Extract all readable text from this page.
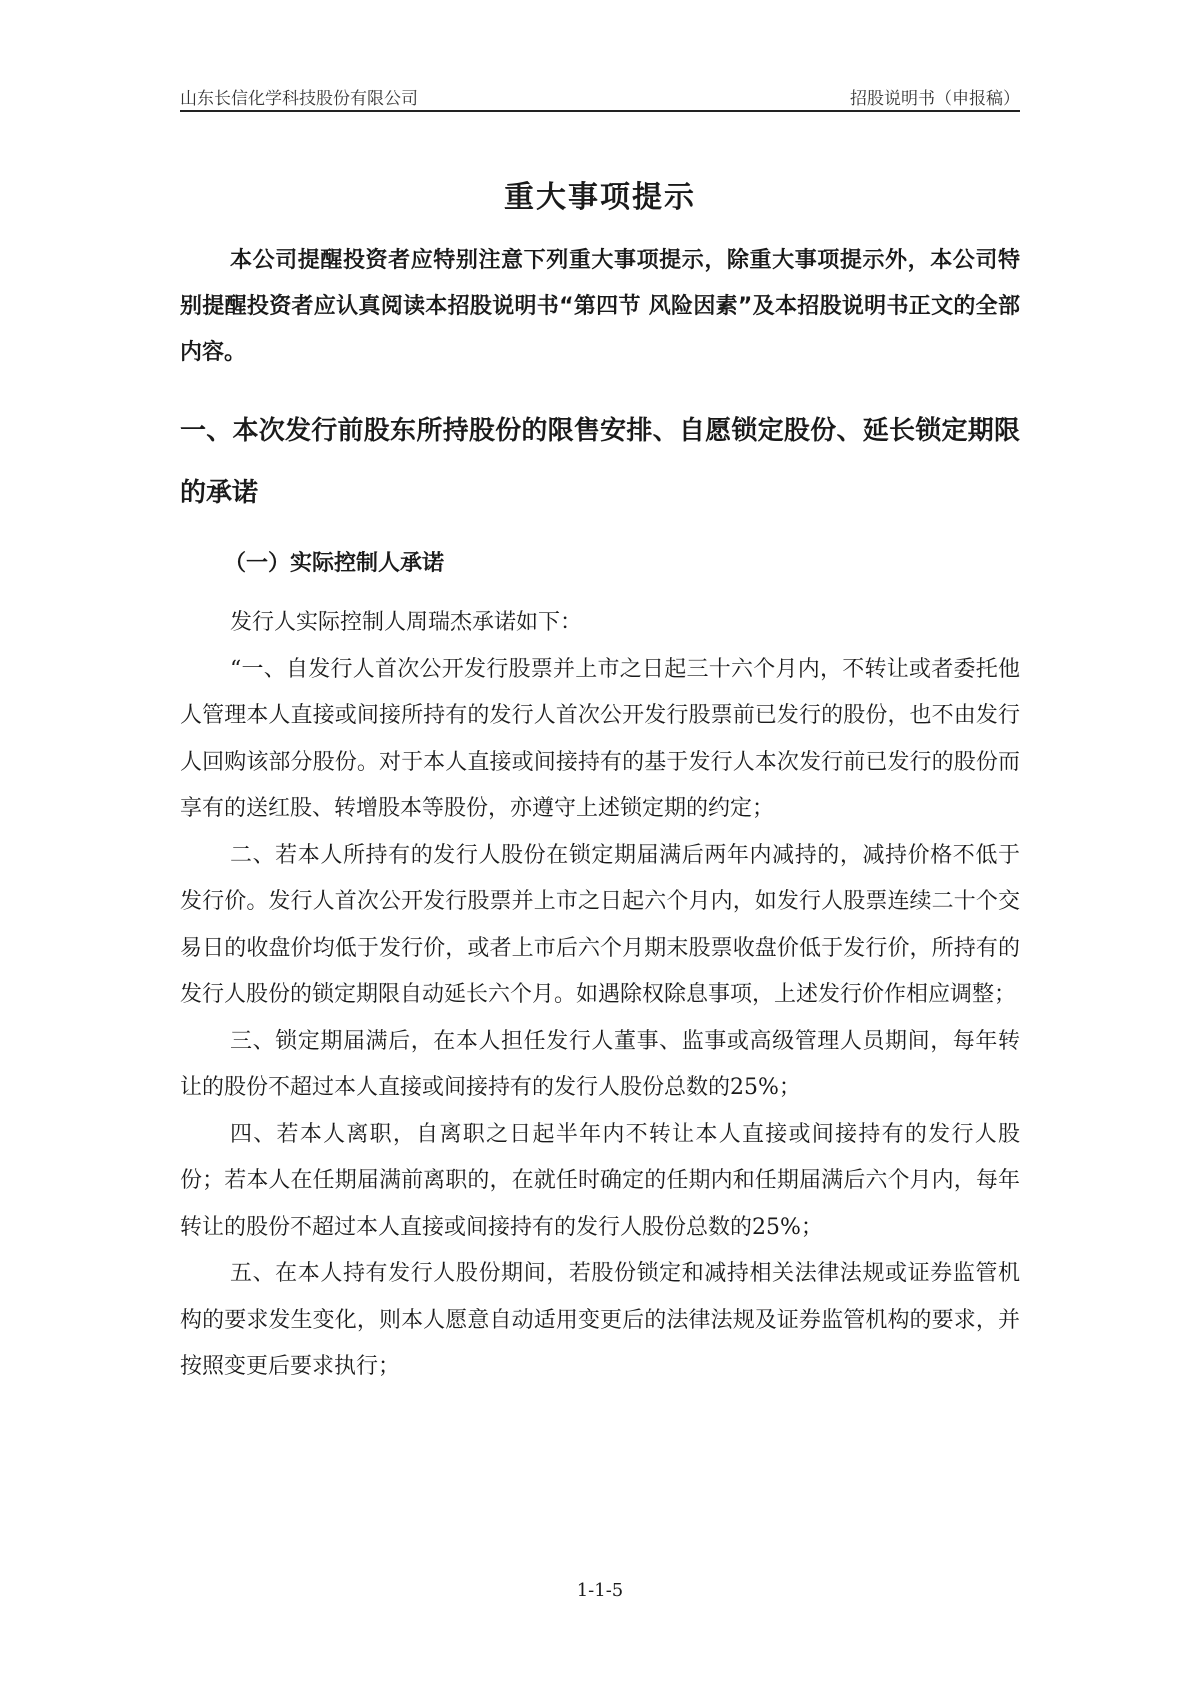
山东长信化学科技股份有限公司	招股说明书（申报稿）
重大事项提示

本公司提醒投资者应特别注意下列重大事项提示，除重大事项提示外，本公司特别提醒投资者应认真阅读本招股说明书“第四节 风险因素”及本招股说明书正文的全部内容。

一、本次发行前股东所持股份的限售安排、自愿锁定股份、延长锁定期限的承诺
（一）实际控制人承诺

发行人实际控制人周瑞杰承诺如下：

“一、自发行人首次公开发行股票并上市之日起三十六个月内，不转让或者委托他人管理本人直接或间接所持有的发行人首次公开发行股票前已发行的股份，也不由发行人回购该部分股份。对于本人直接或间接持有的基于发行人本次发行前已发行的股份而享有的送红股、转增股本等股份，亦遵守上述锁定期的约定；

二、若本人所持有的发行人股份在锁定期届满后两年内减持的，减持价格不低于发行价。发行人首次公开发行股票并上市之日起六个月内，如发行人股票连续二十个交易日的收盘价均低于发行价，或者上市后六个月期末股票收盘价低于发行价，所持有的发行人股份的锁定期限自动延长六个月。如遇除权除息事项，上述发行价作相应调整；

三、锁定期届满后，在本人担任发行人董事、监事或高级管理人员期间，每年转让的股份不超过本人直接或间接持有的发行人股份总数的25%；

四、若本人离职，自离职之日起半年内不转让本人直接或间接持有的发行人股份；若本人在任期届满前离职的，在就任时确定的任期内和任期届满后六个月内，每年转让的股份不超过本人直接或间接持有的发行人股份总数的25%；

五、在本人持有发行人股份期间，若股份锁定和减持相关法律法规或证券监管机构的要求发生变化，则本人愿意自动适用变更后的法律法规及证券监管机构的要求，并按照变更后要求执行；

1-1-5
